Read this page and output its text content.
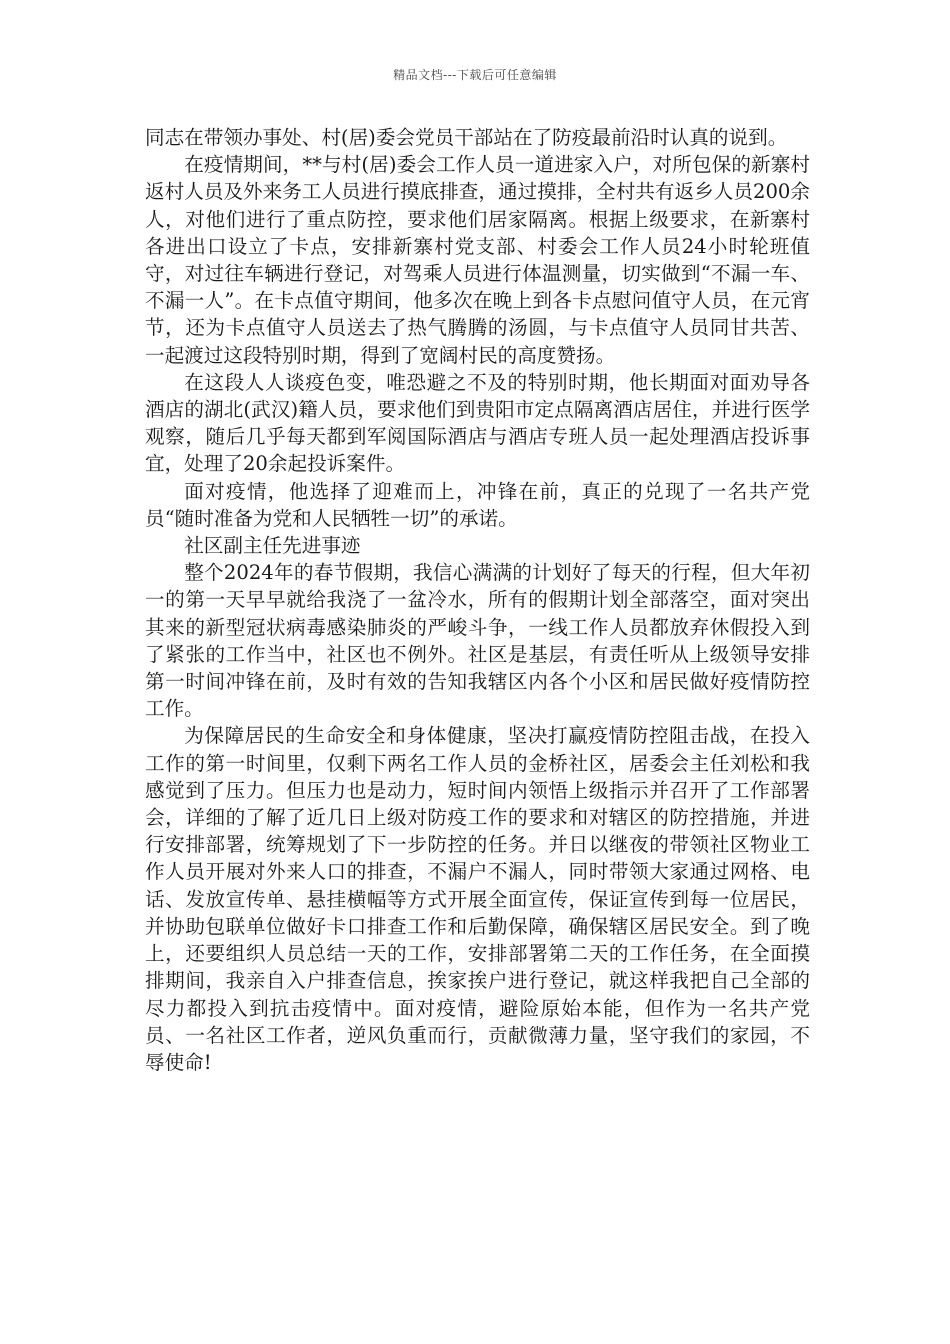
精品文档---下载后可任意编辑

同志在带领办事处、村(居)委会党员干部站在了防疫最前沿时认真的说到。

在疫情期间，**与村(居)委会工作人员一道进家入户，对所包保的新寨村返村人员及外来务工人员进行摸底排查，通过摸排，全村共有返乡人员200余人，对他们进行了重点防控，要求他们居家隔离。根据上级要求，在新寨村各进出口设立了卡点，安排新寨村党支部、村委会工作人员24小时轮班值守，对过往车辆进行登记，对驾乘人员进行体温测量，切实做到“不漏一车、不漏一人”。在卡点值守期间，他多次在晚上到各卡点慰问值守人员，在元宵节，还为卡点值守人员送去了热气腾腾的汤圆，与卡点值守人员同甘共苦、一起渡过这段特别时期，得到了宽阔村民的高度赞扬。

在这段人人谈疫色变，唯恐避之不及的特别时期，他长期面对面劝导各酒店的湖北(武汉)籍人员，要求他们到贵阳市定点隔离酒店居住，并进行医学观察，随后几乎每天都到军阅国际酒店与酒店专班人员一起处理酒店投诉事宜，处理了20余起投诉案件。

面对疫情，他选择了迎难而上，冲锋在前，真正的兑现了一名共产党员“随时准备为党和人民牺牲一切”的承诺。

社区副主任先进事迹

整个2024年的春节假期，我信心满满的计划好了每天的行程，但大年初一的第一天早早就给我浇了一盆冷水，所有的假期计划全部落空，面对突出其来的新型冠状病毒感染肺炎的严峻斗争，一线工作人员都放弃休假投入到了紧张的工作当中，社区也不例外。社区是基层，有责任听从上级领导安排第一时间冲锋在前，及时有效的告知我辖区内各个小区和居民做好疫情防控工作。

为保障居民的生命安全和身体健康，坚决打赢疫情防控阻击战，在投入工作的第一时间里，仅剩下两名工作人员的金桥社区，居委会主任刘松和我感觉到了压力。但压力也是动力，短时间内领悟上级指示并召开了工作部署会，详细的了解了近几日上级对防疫工作的要求和对辖区的防控措施，并进行安排部署，统筹规划了下一步防控的任务。并日以继夜的带领社区物业工作人员开展对外来人口的排查，不漏户不漏人，同时带领大家通过网格、电话、发放宣传单、悬挂横幅等方式开展全面宣传，保证宣传到每一位居民，并协助包联单位做好卡口排查工作和后勤保障，确保辖区居民安全。到了晚上，还要组织人员总结一天的工作，安排部署第二天的工作任务，在全面摸排期间，我亲自入户排查信息，挨家挨户进行登记，就这样我把自己全部的尽力都投入到抗击疫情中。面对疫情，避险原始本能，但作为一名共产党员、一名社区工作者，逆风负重而行，贡献微薄力量，坚守我们的家园，不辱使命!
